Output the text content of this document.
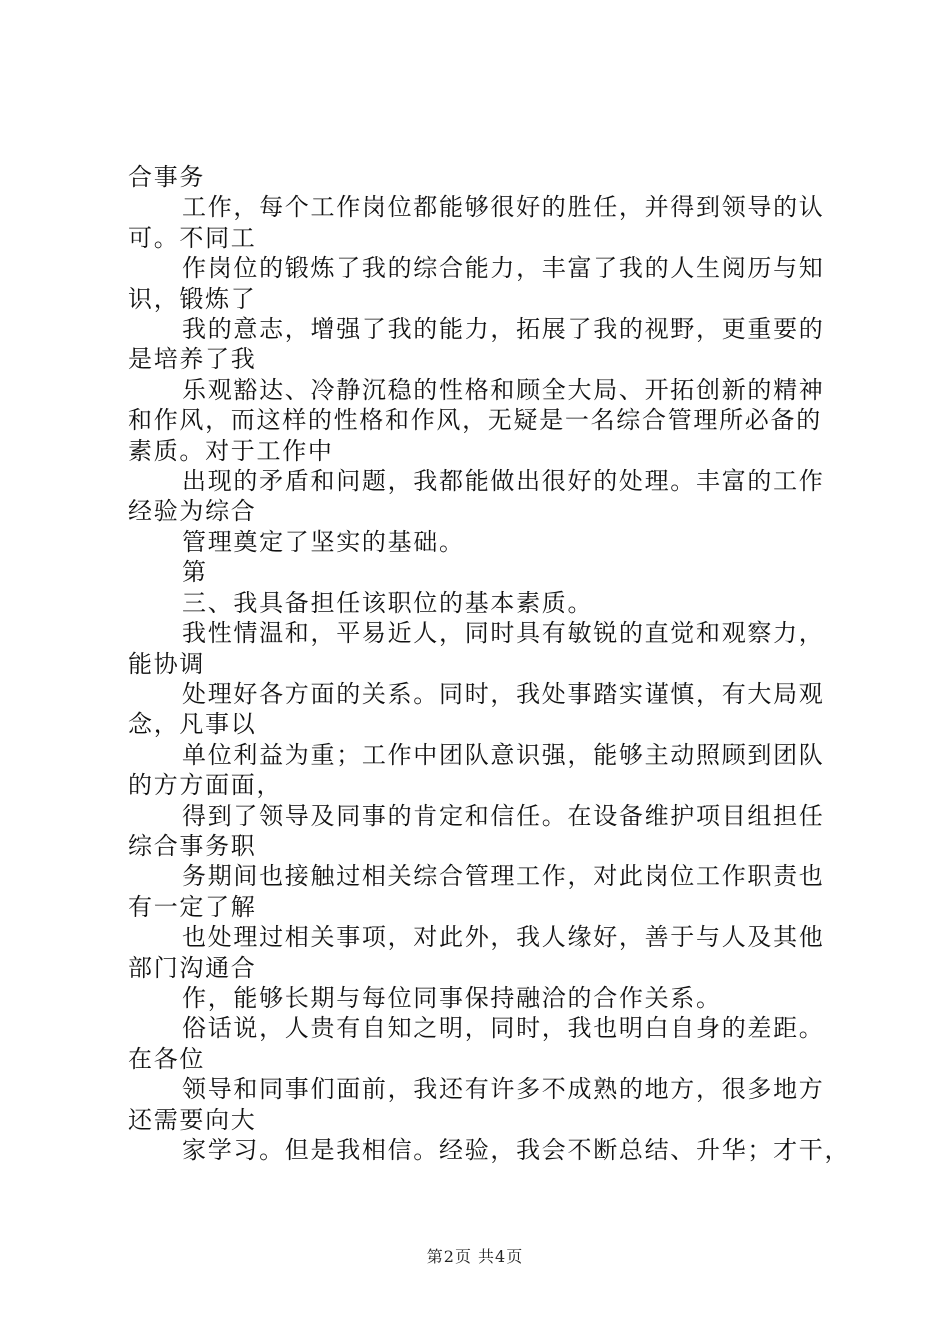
合事务

工作，每个工作岗位都能够很好的胜任，并得到领导的认

可。不同工

作岗位的锻炼了我的综合能力，丰富了我的人生阅历与知

识，锻炼了

我的意志，增强了我的能力，拓展了我的视野，更重要的

是培养了我

乐观豁达、冷静沉稳的性格和顾全大局、开拓创新的精神

和作风，而这样的性格和作风，无疑是一名综合管理所必备的

素质。对于工作中

出现的矛盾和问题，我都能做出很好的处理。丰富的工作

经验为综合

管理奠定了坚实的基础。

第

三、我具备担任该职位的基本素质。

我性情温和，平易近人，同时具有敏锐的直觉和观察力，

能协调

处理好各方面的关系。同时，我处事踏实谨慎，有大局观

念，凡事以

单位利益为重；工作中团队意识强，能够主动照顾到团队

的方方面面，

得到了领导及同事的肯定和信任。在设备维护项目组担任

综合事务职

务期间也接触过相关综合管理工作，对此岗位工作职责也

有一定了解

也处理过相关事项，对此外，我人缘好，善于与人及其他

部门沟通合

作，能够长期与每位同事保持融洽的合作关系。

俗话说，人贵有自知之明，同时，我也明白自身的差距。

在各位

领导和同事们面前，我还有许多不成熟的地方，很多地方

还需要向大

家学习。但是我相信。经验，我会不断总结、升华；才干，

第2页 共4页
